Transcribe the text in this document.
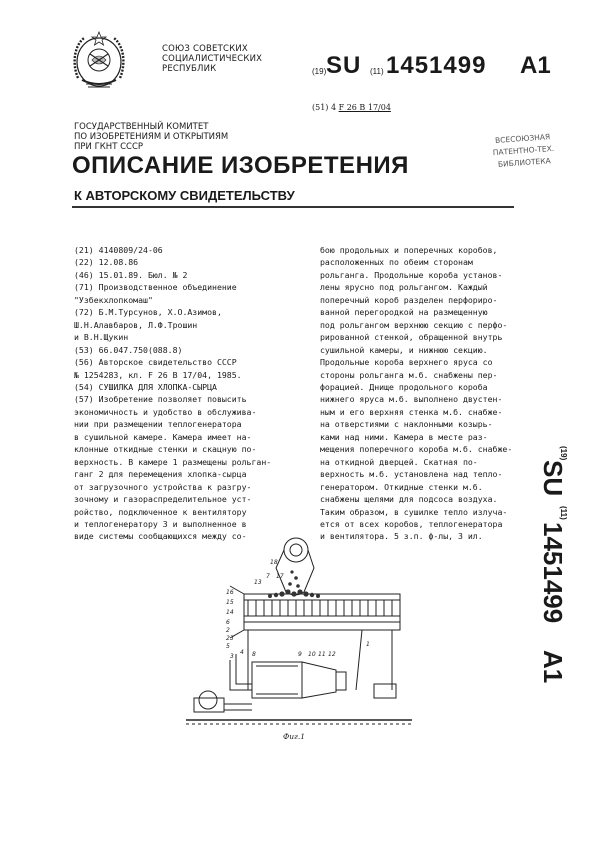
СОЮЗ СОВЕТСКИХ
СОЦИАЛИСТИЧЕСКИХ
РЕСПУБЛИК	(19) SU (11) 1451499 A1
(51) 4 F 26 B 17/04
ВСЕСОЮЗНАЯ
ПАТЕНТНО-ТЕХ.
БИБЛИОТЕКА
ГОСУДАРСТВЕННЫЙ КОМИТЕТ
ПО ИЗОБРЕТЕНИЯМ И ОТКРЫТИЯМ
ПРИ ГКНТ СССР
ОПИСАНИЕ ИЗОБРЕТЕНИЯ
К АВТОРСКОМУ СВИДЕТЕЛЬСТВУ
(21) 4140809/24-06
(22) 12.08.86
(46) 15.01.89. Бюл. № 2
(71) Производственное объединение
"Узбекхлопкомаш"
(72) Б.М.Турсунов, Х.О.Азимов,
Ш.Н.Алавбаров, Л.Ф.Трошин
и В.Н.Щукин
(53) 66.047.750(088.8)
(56) Авторское свидетельство СССР
№ 1254283, кл. F 26 B 17/04, 1985.
(54) СУШИЛКА ДЛЯ ХЛОПКА-СЫРЦА
(57) Изобретение позволяет повысить
экономичность и удобство в обслужива-
нии при размещении теплогенератора
в сушильной камере. Камера имеет на-
клонные откидные стенки и скацную по-
верхность. В камере 1 размещены рольган-
ганг 2 для перемещения хлопка-сырца
от загрузочного устройства к разгру-
зочному и газораспределительное уст-
ройство, подключенное к вентилятору
и теплогенератору 3 и выполненное в
виде системы сообщающихся между со-
бою продольных и поперечных коробов,
расположенных по обеим сторонам
рольганга. Продольные короба установ-
лены ярусно под рольгангом. Каждый
поперечный короб разделен перфориро-
ванной перегородкой на размещенную
под рольгангом верхнюю секцию с перфо-
рированной стенкой, обращенной внутрь
сушильной камеры, и нижнюю секцию.
Продольные короба верхнего яруса со
стороны рольганга м.б. снабжены пер-
форацией. Днище продольного короба
нижнего яруса м.б. выполнено двустен-
ным и его верхняя стенка м.б. снабже-
на отверстиями с наклонными козырь-
ками над ними. Камера в месте раз-
мещения поперечного короба м.б. снабже-
на откидной дверцей. Скатная по-
верхность м.б. установлена над тепло-
генератором. Откидные стенки м.б.
снабжены щелями для подсоса воздуха.
Таким образом, в сушилке тепло излуча-
ется от всех коробов, теплогенератора
и вентилятора. 5 з.п. ф-лы, 3 ил.
(19)
SU
(11)
1451499
A1
18
13
7 17
16
15
14
6
2
23
5
4
3	9 10 11 12
8
1
Фиг.1
